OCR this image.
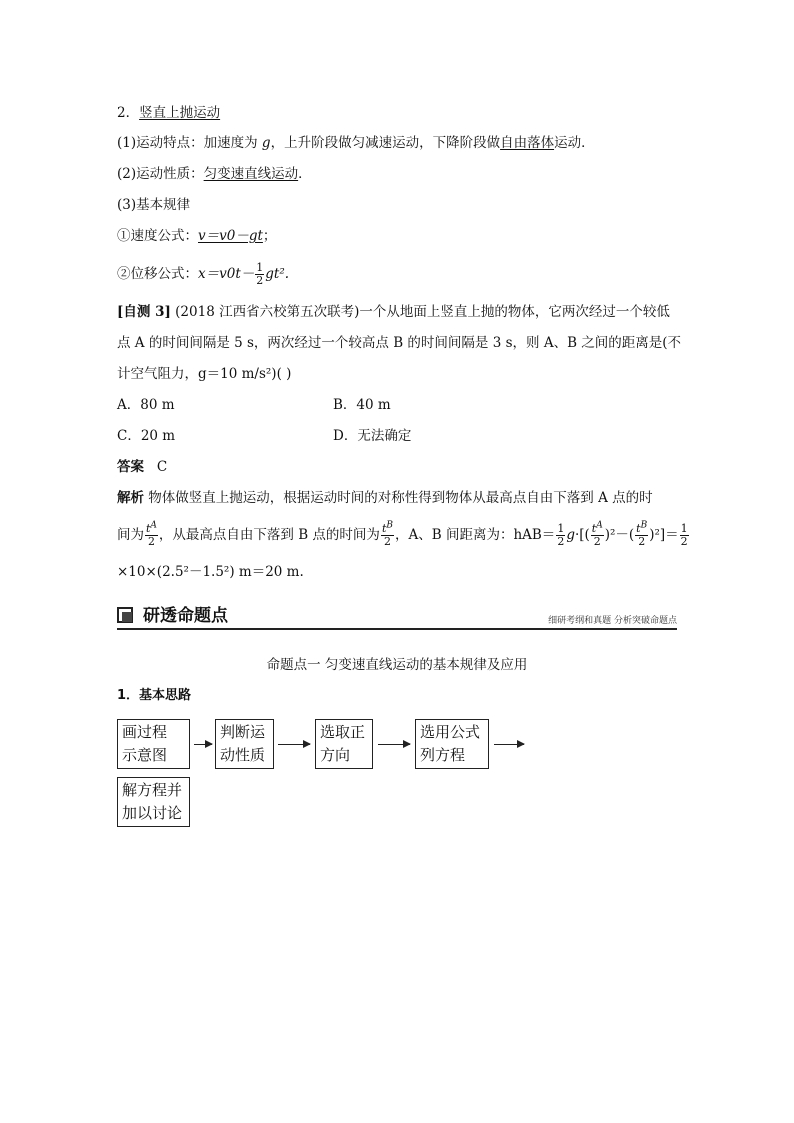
2．竖直上抛运动
(1)运动特点：加速度为 g，上升阶段做匀减速运动，下降阶段做自由落体运动．
(2)运动性质：匀变速直线运动．
(3)基本规律
①速度公式：v＝v0－gt；
②位移公式：$x=v0t- \frac{1}{2} gt^2$.
[自测 3] (2018 江西省六校第五次联考)一个从地面上竖直上抛的物体，它两次经过一个较低
点 A 的时间间隔是 5 s，两次经过一个较高点 B 的时间间隔是 3 s，则 A、B 之间的距离是(不
计空气阻力，g＝10 m/s²)( )
A．80 m	B．40 m
C．20 m	D．无法确定
答案 C
解析 物体做竖直上抛运动，根据运动时间的对称性得到物体从最高点自由下落到 A 点的时
间为 $\frac{t^A}{2}$ ，从最高点自由下落到 B 点的时间为 $\frac{t^B}{2}$ ，A、B 间距离为：$hAB= \frac{1}{2} g\cdot[( \frac{t^A}{2} )^2-( \frac{t^B}{2} )^2]= \frac{1}{2}$
×10×(2.5²－1.5²) m＝20 m.
研透命题点	细研考纲和真题 分析突破命题点
命题点一 匀变速直线运动的基本规律及应用
1．基本思路
画过程
示意图
判断运
动性质
选取正
方向
选用公式
列方程
解方程并
加以讨论
